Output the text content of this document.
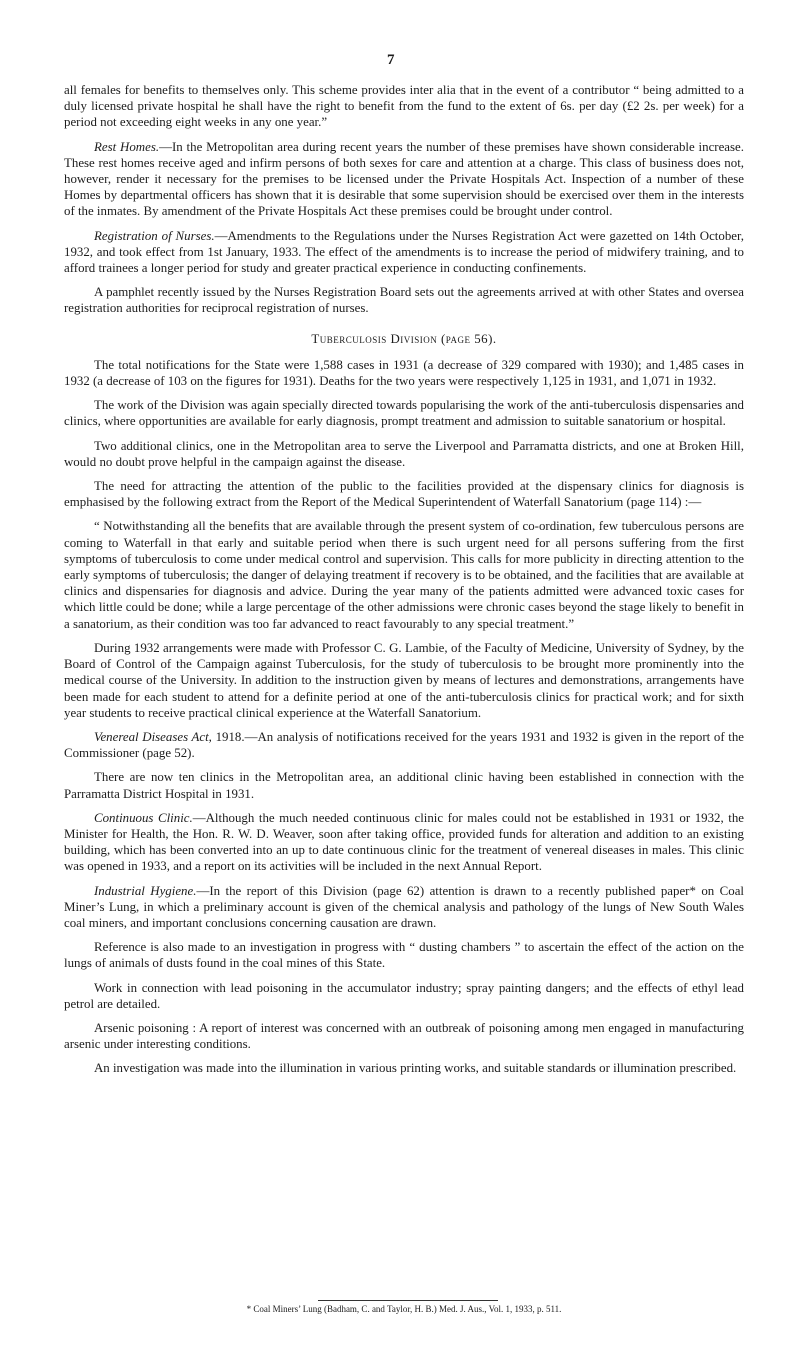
7

all females for benefits to themselves only. This scheme provides inter alia that in the event of a contributor “ being admitted to a duly licensed private hospital he shall have the right to benefit from the fund to the extent of 6s. per day (£2 2s. per week) for a period not exceeding eight weeks in any one year.”

Rest Homes.—In the Metropolitan area during recent years the number of these premises have shown considerable increase. These rest homes receive aged and infirm persons of both sexes for care and attention at a charge. This class of business does not, however, render it necessary for the premises to be licensed under the Private Hospitals Act. Inspection of a number of these Homes by departmental officers has shown that it is desirable that some supervision should be exercised over them in the interests of the inmates. By amendment of the Private Hospitals Act these premises could be brought under control.

Registration of Nurses.—Amendments to the Regulations under the Nurses Registration Act were gazetted on 14th October, 1932, and took effect from 1st January, 1933. The effect of the amendments is to increase the period of midwifery training, and to afford trainees a longer period for study and greater practical experience in conducting confinements.

A pamphlet recently issued by the Nurses Registration Board sets out the agreements arrived at with other States and oversea registration authorities for reciprocal registration of nurses.

Tuberculosis Division (page 56).

The total notifications for the State were 1,588 cases in 1931 (a decrease of 329 compared with 1930); and 1,485 cases in 1932 (a decrease of 103 on the figures for 1931). Deaths for the two years were respectively 1,125 in 1931, and 1,071 in 1932.

The work of the Division was again specially directed towards popularising the work of the anti-tuberculosis dispensaries and clinics, where opportunities are available for early diagnosis, prompt treatment and admission to suitable sanatorium or hospital.

Two additional clinics, one in the Metropolitan area to serve the Liverpool and Parramatta districts, and one at Broken Hill, would no doubt prove helpful in the campaign against the disease.

The need for attracting the attention of the public to the facilities provided at the dispensary clinics for diagnosis is emphasised by the following extract from the Report of the Medical Superintendent of Waterfall Sanatorium (page 114) :—

“ Notwithstanding all the benefits that are available through the present system of co-ordination, few tuberculous persons are coming to Waterfall in that early and suitable period when there is such urgent need for all persons suffering from the first symptoms of tuberculosis to come under medical control and supervision. This calls for more publicity in directing attention to the early symptoms of tuberculosis; the danger of delaying treatment if recovery is to be obtained, and the facilities that are available at clinics and dispensaries for diagnosis and advice. During the year many of the patients admitted were advanced toxic cases for which little could be done; while a large percentage of the other admissions were chronic cases beyond the stage likely to benefit in a sanatorium, as their condition was too far advanced to react favourably to any special treatment.”

During 1932 arrangements were made with Professor C. G. Lambie, of the Faculty of Medicine, University of Sydney, by the Board of Control of the Campaign against Tuberculosis, for the study of tuberculosis to be brought more prominently into the medical course of the University. In addition to the instruction given by means of lectures and demonstrations, arrangements have been made for each student to attend for a definite period at one of the anti-tuberculosis clinics for practical work; and for sixth year students to receive practical clinical experience at the Waterfall Sanatorium.

Venereal Diseases Act, 1918.—An analysis of notifications received for the years 1931 and 1932 is given in the report of the Commissioner (page 52).

There are now ten clinics in the Metropolitan area, an additional clinic having been established in connection with the Parramatta District Hospital in 1931.

Continuous Clinic.—Although the much needed continuous clinic for males could not be established in 1931 or 1932, the Minister for Health, the Hon. R. W. D. Weaver, soon after taking office, provided funds for alteration and addition to an existing building, which has been converted into an up to date continuous clinic for the treatment of venereal diseases in males. This clinic was opened in 1933, and a report on its activities will be included in the next Annual Report.

Industrial Hygiene.—In the report of this Division (page 62) attention is drawn to a recently published paper* on Coal Miner’s Lung, in which a preliminary account is given of the chemical analysis and pathology of the lungs of New South Wales coal miners, and important conclusions concerning causation are drawn.

Reference is also made to an investigation in progress with “ dusting chambers ” to ascertain the effect of the action on the lungs of animals of dusts found in the coal mines of this State.

Work in connection with lead poisoning in the accumulator industry; spray painting dangers; and the effects of ethyl lead petrol are detailed.

Arsenic poisoning : A report of interest was concerned with an outbreak of poisoning among men engaged in manufacturing arsenic under interesting conditions.

An investigation was made into the illumination in various printing works, and suitable standards or illumination prescribed.

* Coal Miners’ Lung (Badham, C. and Taylor, H. B.) Med. J. Aus., Vol. 1, 1933, p. 511.
